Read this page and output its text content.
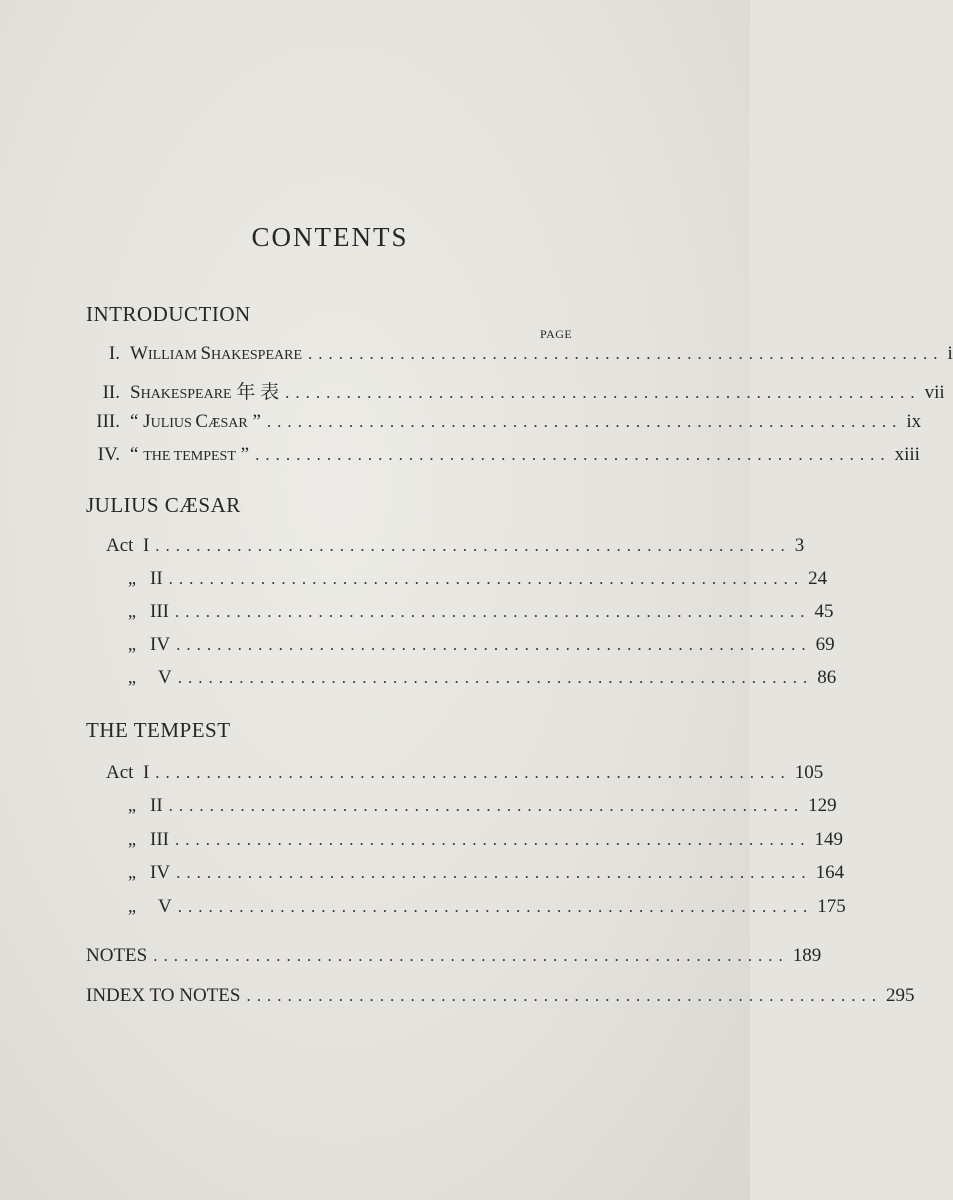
CONTENTS
INTRODUCTION
PAGE
I. WILLIAM SHAKESPEARE .............................................................. i
II. SHAKESPEARE 年 表 .............................................................. vii
III. “ JULIUS CÆSAR ” .............................................................. ix
IV. “ THE TEMPEST ” .............................................................. xiii
JULIUS CÆSAR
Act I .............................................................. 3
„ II .............................................................. 24
„ III .............................................................. 45
„ IV .............................................................. 69
„ V .............................................................. 86
THE TEMPEST
Act I .............................................................. 105
„ II .............................................................. 129
„ III .............................................................. 149
„ IV .............................................................. 164
„ V .............................................................. 175
NOTES .............................................................. 189
INDEX TO NOTES .............................................................. 295
